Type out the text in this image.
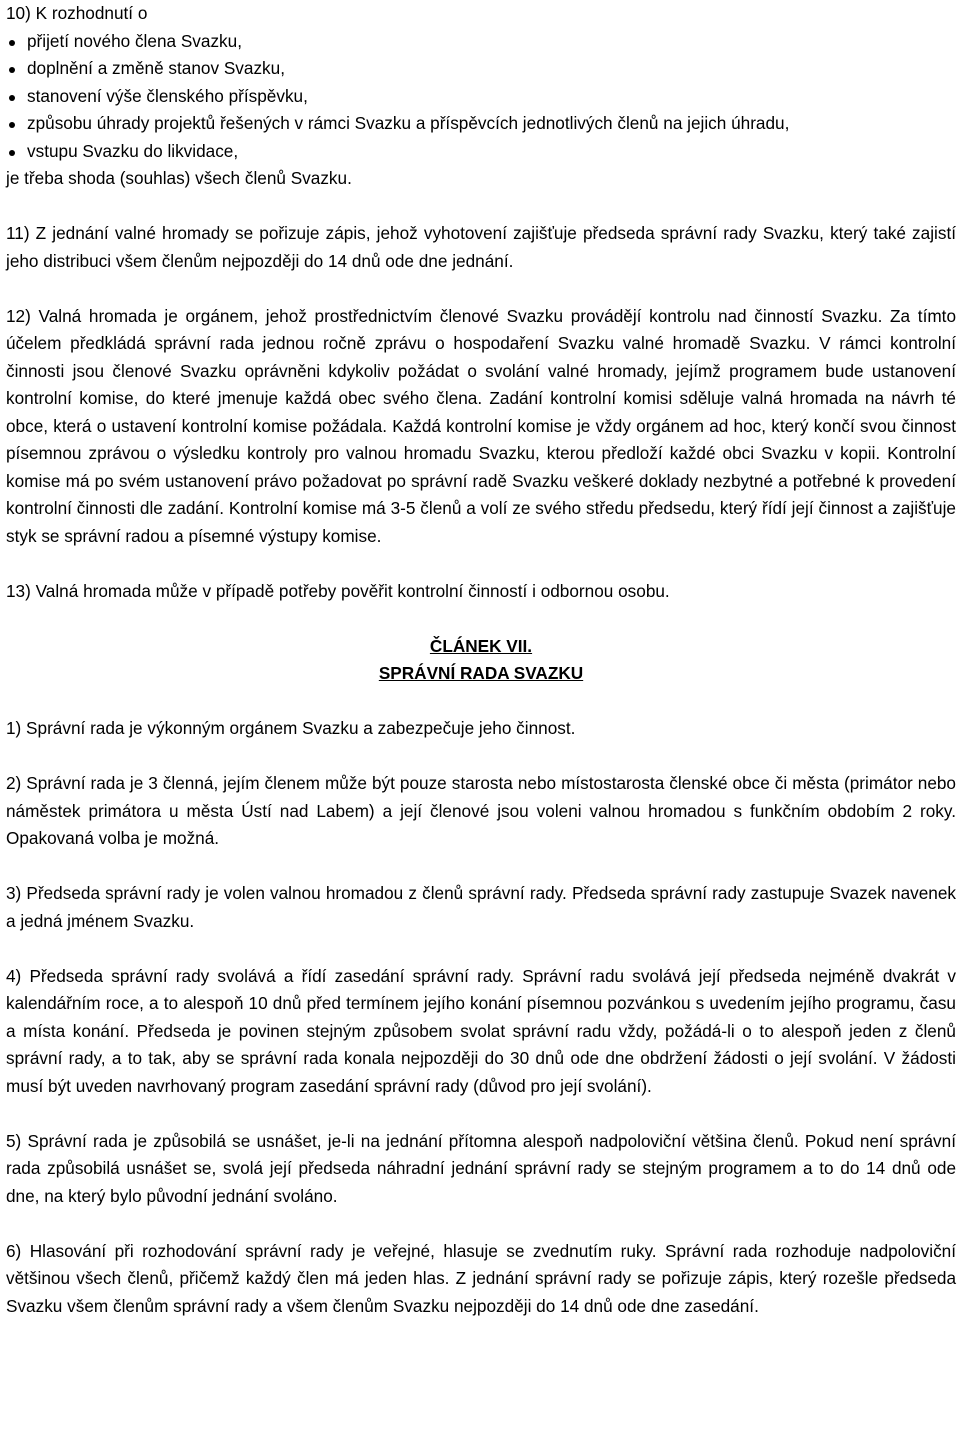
10) K rozhodnutí o
přijetí nového člena Svazku,
doplnění a změně stanov Svazku,
stanovení výše členského příspěvku,
způsobu úhrady projektů řešených v rámci Svazku a příspěvcích jednotlivých členů na jejich úhradu,
vstupu Svazku do likvidace,
je třeba shoda (souhlas) všech členů Svazku.

11) Z jednání valné hromady se pořizuje zápis, jehož vyhotovení zajišťuje předseda správní rady Svazku, který také zajistí jeho distribuci všem členům nejpozději do 14 dnů ode dne jednání.

12) Valná hromada je orgánem, jehož prostřednictvím členové Svazku provádějí kontrolu nad činností Svazku. Za tímto účelem předkládá správní rada jednou ročně zprávu o hospodaření Svazku valné hromadě Svazku. V rámci kontrolní činnosti jsou členové Svazku oprávněni kdykoliv požádat o svolání valné hromady, jejímž programem bude ustanovení kontrolní komise, do které jmenuje každá obec svého člena. Zadání kontrolní komisi sděluje valná hromada na návrh té obce, která o ustavení kontrolní komise požádala. Každá kontrolní komise je vždy orgánem ad hoc, který končí svou činnost písemnou zprávou o výsledku kontroly pro valnou hromadu Svazku, kterou předloží každé obci Svazku v kopii. Kontrolní komise má po svém ustanovení právo požadovat po správní radě Svazku veškeré doklady nezbytné a potřebné k provedení kontrolní činnosti dle zadání. Kontrolní komise má 3-5 členů a volí ze svého středu předsedu, který řídí její činnost a zajišťuje styk se správní radou a písemné výstupy komise.

13) Valná hromada může v případě potřeby pověřit kontrolní činností i odbornou osobu.

ČLÁNEK VII.
SPRÁVNÍ RADA SVAZKU

1) Správní rada je výkonným orgánem Svazku a zabezpečuje jeho činnost.

2) Správní rada je 3 členná, jejím členem může být pouze starosta nebo místostarosta členské obce či města (primátor nebo náměstek primátora u města Ústí nad Labem) a její členové jsou voleni valnou hromadou s funkčním obdobím 2 roky. Opakovaná volba je možná.

3) Předseda správní rady je volen valnou hromadou z členů správní rady. Předseda správní rady zastupuje Svazek navenek a jedná jménem Svazku.

4) Předseda správní rady svolává a řídí zasedání správní rady. Správní radu svolává její předseda nejméně dvakrát v kalendářním roce, a to alespoň 10 dnů před termínem jejího konání písemnou pozvánkou s uvedením jejího programu, času a místa konání. Předseda je povinen stejným způsobem svolat správní radu vždy, požádá-li o to alespoň jeden z členů správní rady, a to tak, aby se správní rada konala nejpozději do 30 dnů ode dne obdržení žádosti o její svolání. V žádosti musí být uveden navrhovaný program zasedání správní rady (důvod pro její svolání).

5) Správní rada je způsobilá se usnášet, je-li na jednání přítomna alespoň nadpoloviční většina členů. Pokud není správní rada způsobilá usnášet se, svolá její předseda náhradní jednání správní rady se stejným programem a to do 14 dnů ode dne, na který bylo původní jednání svoláno.

6) Hlasování při rozhodování správní rady je veřejné, hlasuje se zvednutím ruky. Správní rada rozhoduje nadpoloviční většinou všech členů, přičemž každý člen má jeden hlas. Z jednání správní rady se pořizuje zápis, který rozešle předseda Svazku všem členům správní rady a všem členům Svazku nejpozději do 14 dnů ode dne zasedání.
